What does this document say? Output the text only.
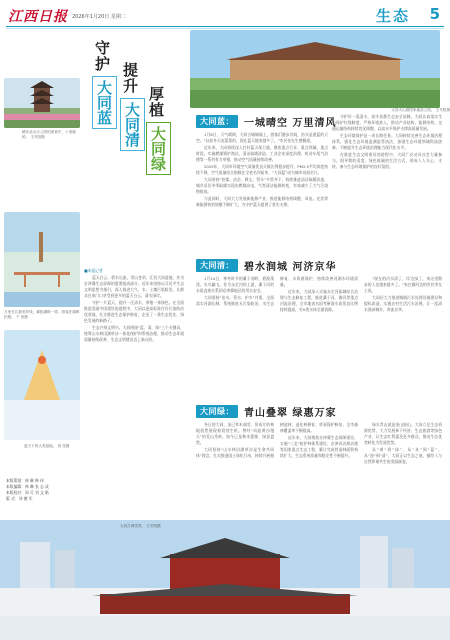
江西日报 2026年1月20日 星期二	生态 5
赣东北水月公园的黄昏中，十里廊桥。 王冬阳摄
万里长江最美岸线，鄱阳湖畔一带，游客在湖畔拍照。 千 里摄
蓝天下的大美湿地。 刘 莹摄
本版策划：林 琳 韩 伟
本版编辑：林 琳 张 志 成
本版校对：周 可 刘 文 皓
版 式：刘 德 军
守护
大同蓝
提升
大同清 厚植
大同绿
大同火山群国家地质公园。 王冬阳摄

■本报记者

蓝天白云，碧水长流，青山苍翠。江西大同盆地，作为京津冀生态屏障的重要组成部分，近年来坚持以习近平生态文明思想为指引，深入推进大气、水、土壤污染防治，让群众在家门口享受到更多的蓝天白云、清水绿岸。

守护一片蓝天，提升一汪清水，厚植一抹绿色。在全面推进美丽中国建设的进程中，大同以更高标准打好污染防治攻坚战，扎实推进生态保护修复，走出了一条生态优先、绿色发展的新路子。

生态兴则文明兴。大同围绕“蓝、清、绿”三个关键词，统筹山水林田湖草沙一体化保护和系统治理，推动生态环境质量持续改善，生态文明建设迈上新台阶。

大同蓝：	一城晴空 万里清风

1月8日，天气晴朗，大同古城城墙上，游客们漫步其间，抬头是湛蓝的天空。“以前冬天灰蒙蒙的，现在蓝天越来越多了。”市民张先生感慨道。

近年来，大同持续深入打好蓝天保卫战，聚焦重点行业、重点领域、重点时段，实施燃煤锅炉淘汰、清洁取暖改造、工业企业深度治理、机动车尾气治理等一系列有力举措，推动空气质量持续改善。

2025年，大同市环境空气质量优良天数比例稳步提升，PM2.5平均浓度持续下降，空气质量综合指数在全省名列前茅，“大同蓝”成为城市亮丽名片。

大同坚持“控煤、治企、降尘、管车”多管齐下，持续推进清洁取暖改造，城乡居民冬季取暖实现由燃煤向电、气等清洁能源转变，有效减少了大气污染物排放。

与此同时，大同大力发展新能源产业，推进能源结构调整，风电、光伏等新能源装机规模不断扩大，为守护蓝天提供了坚实支撑。

守护好一泓清水，筑牢首都生态安全屏障。大同认真落实生态保护红线制度，严格环境准入，推动产业结构、能源结构、交通运输结构持续优化调整，以高水平保护支撑高质量发展。

生态环境保护是一项长期任务。大同持续完善生态环境治理体系，强化生态环境监测监管执法，加强生态环境领域科技创新，不断提升生态环境治理能力现代化水平。

在推进生态文明建设的进程中，大同广泛动员社会力量参与，倡导简约适度、绿色低碳的生活方式，形成人人关心、支持、参与生态环境保护的良好氛围。

大同清：	碧水润城 河济京华

1月14日，寒冬时节的桑干河畔，碧波荡漾，水鸟翩飞。作为永定河的上游，桑干河的水质直接关系到京津冀地区的用水安全。

大同坚持“治水、管水、护水”并重，全面落实河湖长制，系统推进水污染防治、水生态修复、水资源保护，持续改善河湖水环境质量。

近年来，大同深入实施永定河流域综合治理与生态修复工程，推进桑干河、御河等重点河流治理，全市地表水国考断面水质优良比例持续提高，劣V类水体全面消除。

“现在的河水清了，岸边绿了，来这里散步的人也越来越多了。”家住御河边的市民李女士说。

大同还大力推进城镇污水处理设施建设和提标改造，实施农村生活污水治理，让一泓清水润泽城乡，奔流京华。

大同绿：	青山叠翠 绿惠万家

冬日的大同，虽已草木凋零，但成片的林地依然展现着勃勃生机。曾经“风起黄沙漫天”的荒山秃岭，如今已是林木葱郁、绿意盎然。

大同坚持“山水林田湖草沙是生命共同体”理念，扎实推进国土绿化行动，持续开展植树造林、退化林修复、草原保护修复，全市森林覆盖率不断提高。

近年来，大同聚焦京津冀生态屏障建设，实施“三北”防护林体系建设、京津风沙源治理等国家重点生态工程，累计完成营造林面积持续扩大，生态系统质量和稳定性不断提升。

绿水青山就是金山银山。大同立足生态资源优势，大力发展林下经济、生态旅游等绿色产业，让生态红利惠及更多群众，推动生态优势转化为发展优势。

从“黄”到“绿”，从“灰”到“蓝”，从“浊”到“清”，大同正以生态之笔，描绘人与自然和谐共生的美丽画卷。

大同古城雪景。 王冬阳摄
